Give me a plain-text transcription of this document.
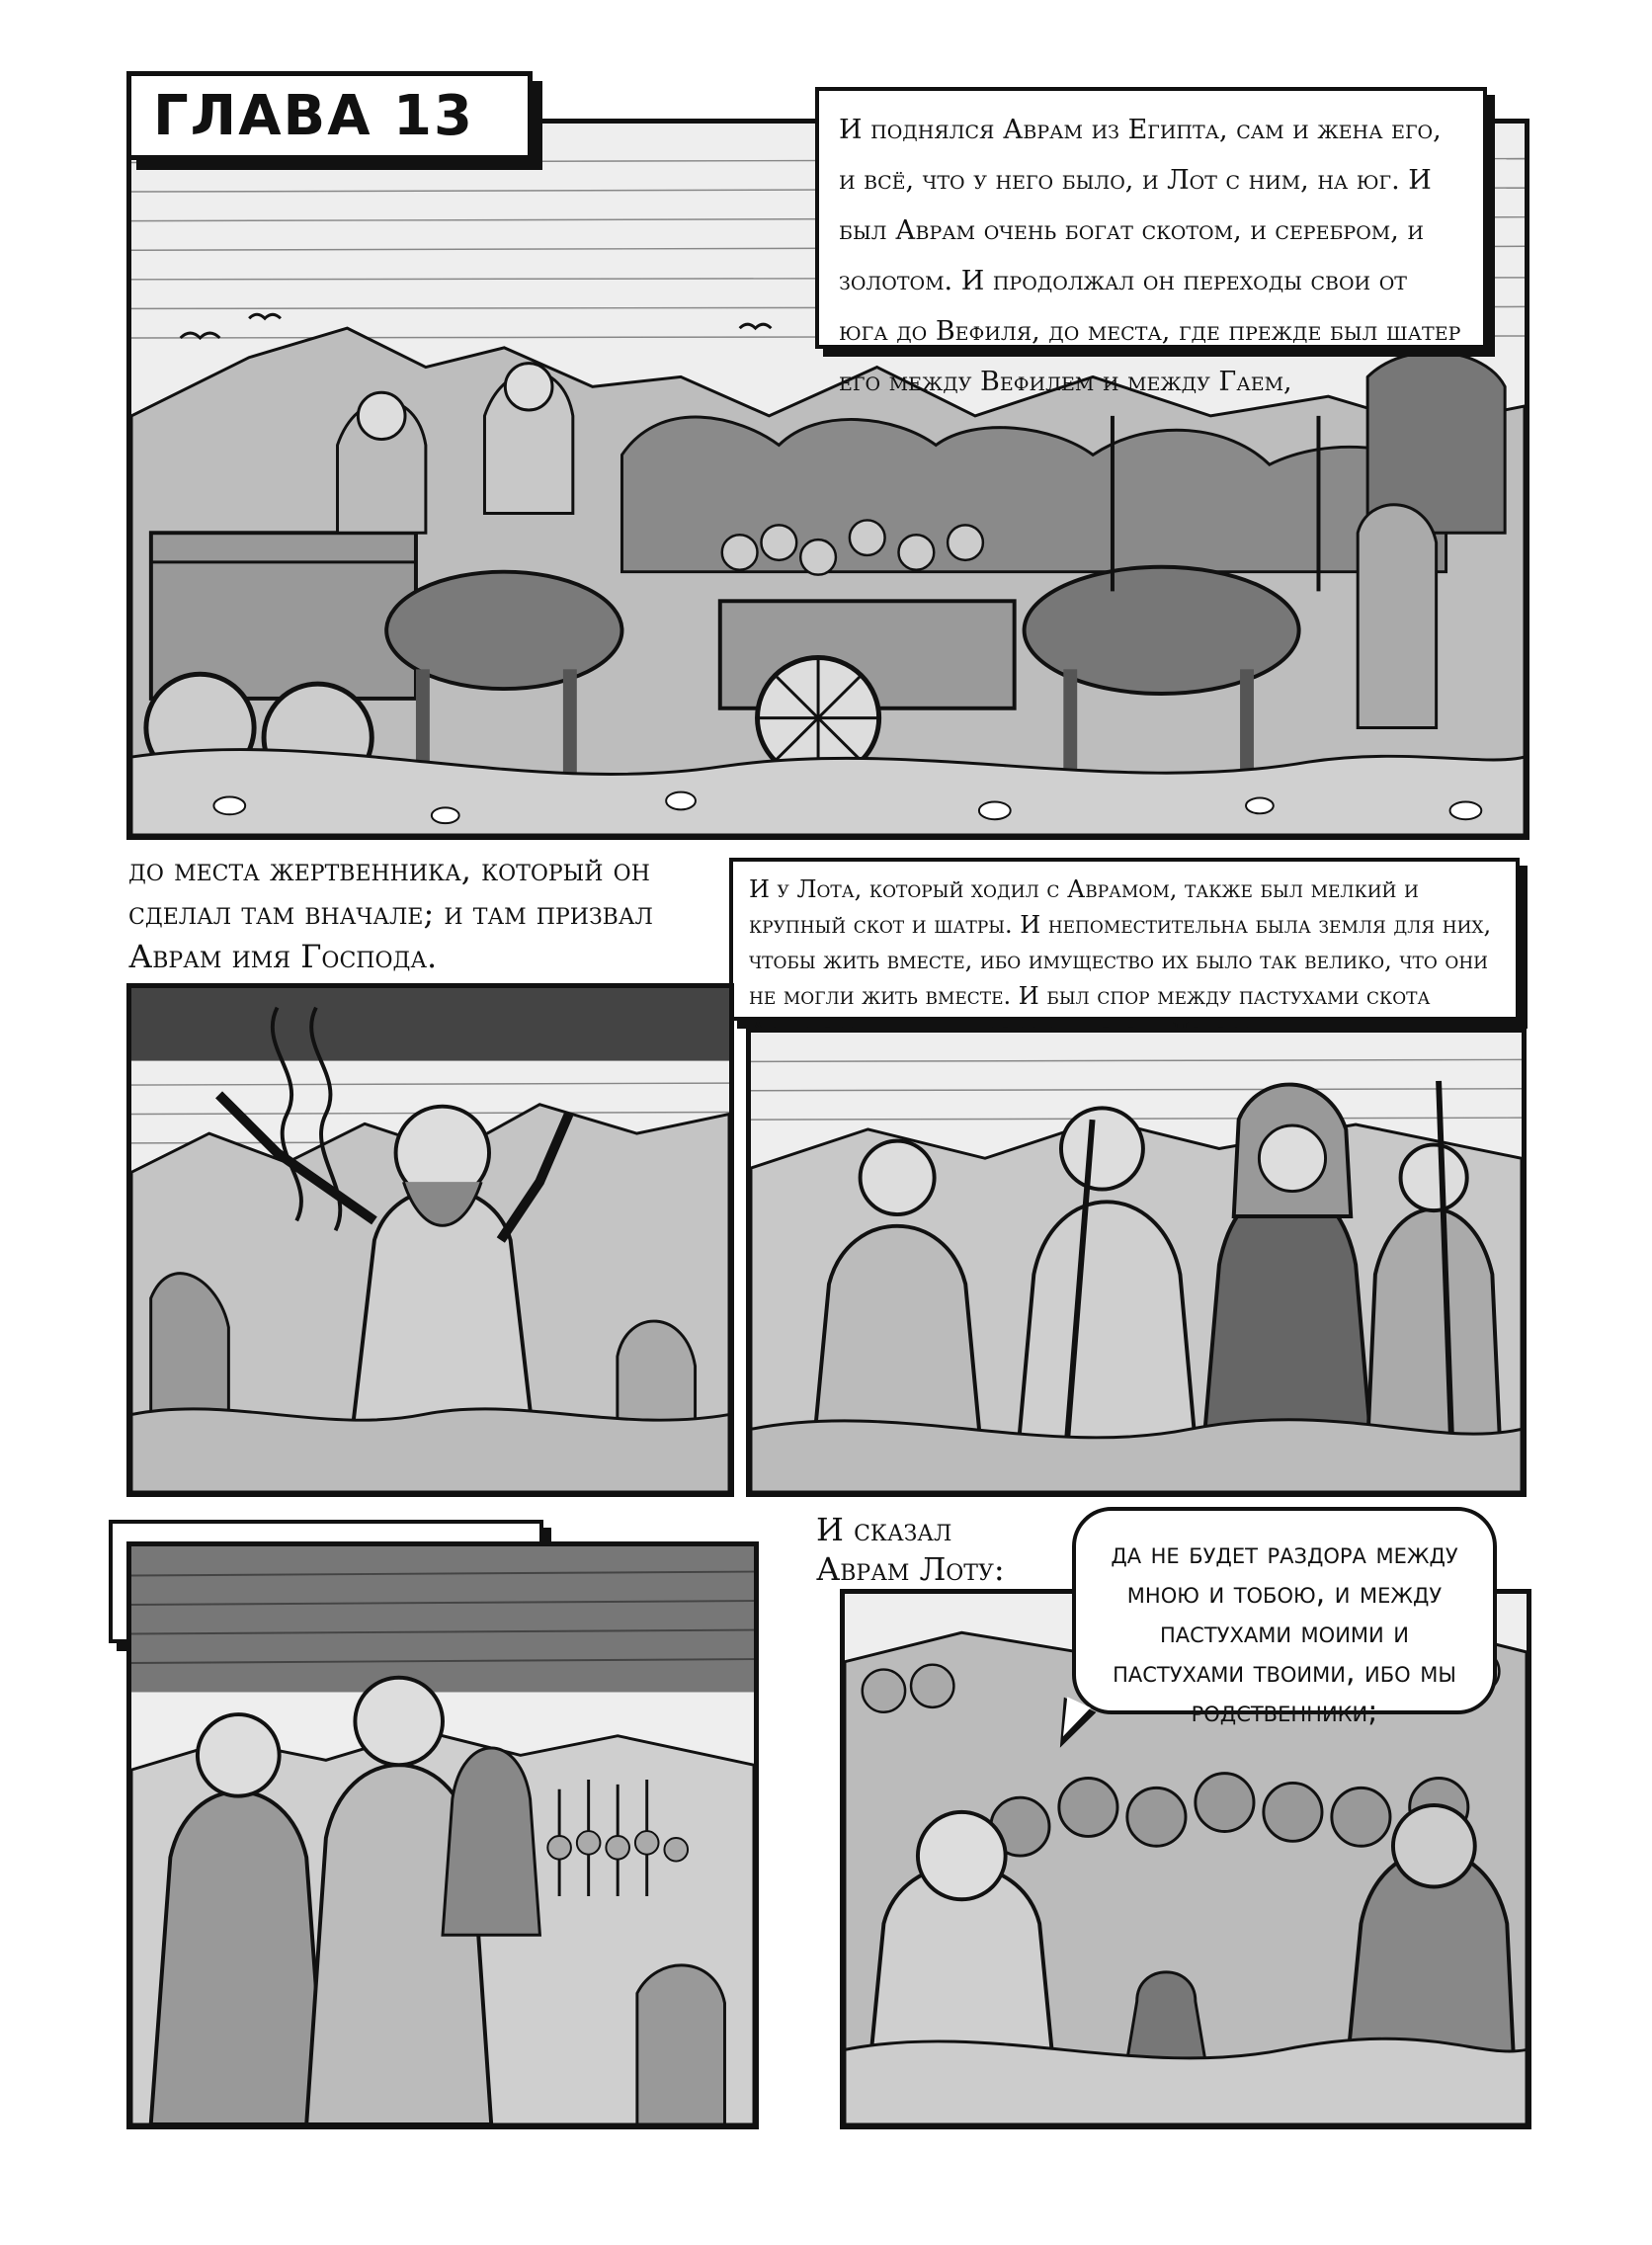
ГЛАВА 13	И поднялся Аврам из Египта, сам и жена его, и всё, что у него было, и Лот с ним, на юг. И был Аврам очень богат скотом, и серебром, и золотом. И продолжал он переходы свои от юга до Вефиля, до места, где прежде был шатер его между Вефилем и между Гаем,
до места жертвенника, который он сделал там вначале; и там призвал Аврам имя Господа.
И у Лота, который ходил с Аврамом, также был мелкий и крупный скот и шатры. И непоместительна была земля для них, чтобы жить вместе, ибо имущество их было так велико, что они не могли жить вместе. И был спор между пастухами скота
И сказал Аврам Лоту:	да не будет раздора между мною и тобою, и между пастухами моими и пастухами твоими, ибо мы родственники;
